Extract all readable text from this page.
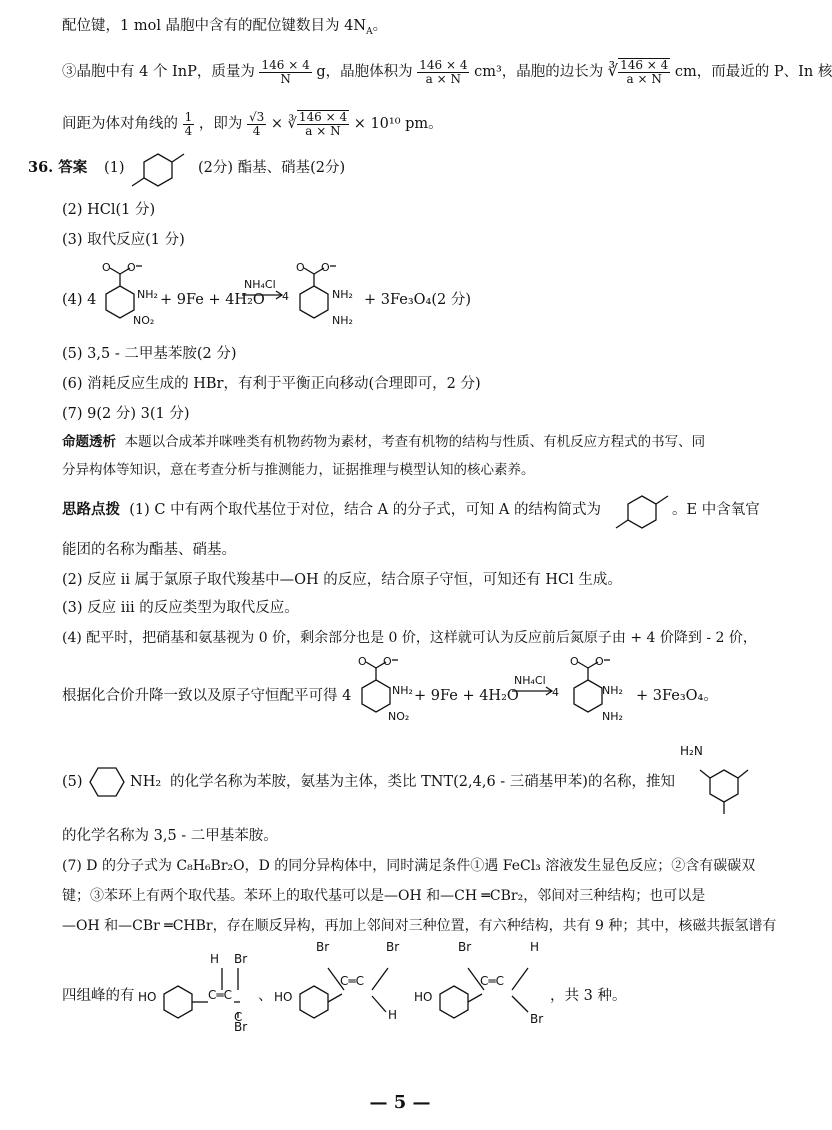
配位键，1 mol 晶胞中含有的配位键数目为 $4N_A$。
③晶胞中有 4 个 InP，质量为 $\frac{146 \times 4}{N}$ g，晶胞体积为 $\frac{146 \times 4}{a \times N} cm^3$，晶胞的边长为 ∛ $\frac{146 \times 4}{a \times N}$ cm，而最近的 P、In 核
间距为体对角线的 $\frac{1}{4}$ ，即为 $\frac{√3}{4}$ × ∛ $\frac{146 \times 4}{a \times N} \times 10^{10}$ pm。
36. 答案 (1)	(2分) 酯基、硝基(2分)
(2) HCl(1 分)
(3) 取代反应(1 分)
(4) 4
O O
NH₂
NO₂
+ 9Fe + 4H₂O
NH₄Cl
4
O O
NH₂
NH₂
+ 3Fe₃O₄(2 分)
(5) 3,5 - 二甲基苯胺(2 分)
(6) 消耗反应生成的 HBr，有利于平衡正向移动(合理即可，2 分)
(7) 9(2 分) 3(1 分)
命题透析 本题以合成苯并咪唑类有机物药物为素材，考查有机物的结构与性质、有机反应方程式的书写、同
分异构体等知识，意在考查分析与推测能力，证据推理与模型认知的核心素养。
思路点拨 (1) C 中有两个取代基位于对位，结合 A 的分子式，可知 A 的结构简式为	。E 中含氧官
能团的名称为酯基、硝基。
(2) 反应 ⅱ 属于氯原子取代羧基中—OH 的反应，结合原子守恒，可知还有 HCl 生成。
(3) 反应 ⅲ 的反应类型为取代反应。
(4) 配平时，把硝基和氨基视为 0 价，剩余部分也是 0 价，这样就可认为反应前后氮原子由 + 4 价降到 - 2 价，
根据化合价升降一致以及原子守恒配平可得 4
O O
NH₂
NO₂
+ 9Fe + 4H₂O
NH₄Cl
4
O O
NH₂
NH₂
+ 3Fe₃O₄。
(5)	NH₂ 的化学名称为苯胺，氨基为主体，类比 TNT(2,4,6 - 三硝基甲苯)的名称，推知
H₂N
的化学名称为 3,5 - 二甲基苯胺。
(7) D 的分子式为 C₈H₆Br₂O，D 的同分异构体中，同时满足条件①遇 FeCl₃ 溶液发生显色反应；②含有碳碳双
键；③苯环上有两个取代基。苯环上的取代基可以是—OH 和—CH ═CBr₂，邻间对三种结构；也可以是
—OH 和—CBr ═CHBr，存在顺反异构，再加上邻间对三种位置，有六种结构，共有 9 种；其中，核磁共振氢谱有
四组峰的有 HO
H Br
C═C
C
Br
、 HO
Br	Br
C═C
H
HO
Br	H
C═C
Br
，共 3 种。
— 5 —
